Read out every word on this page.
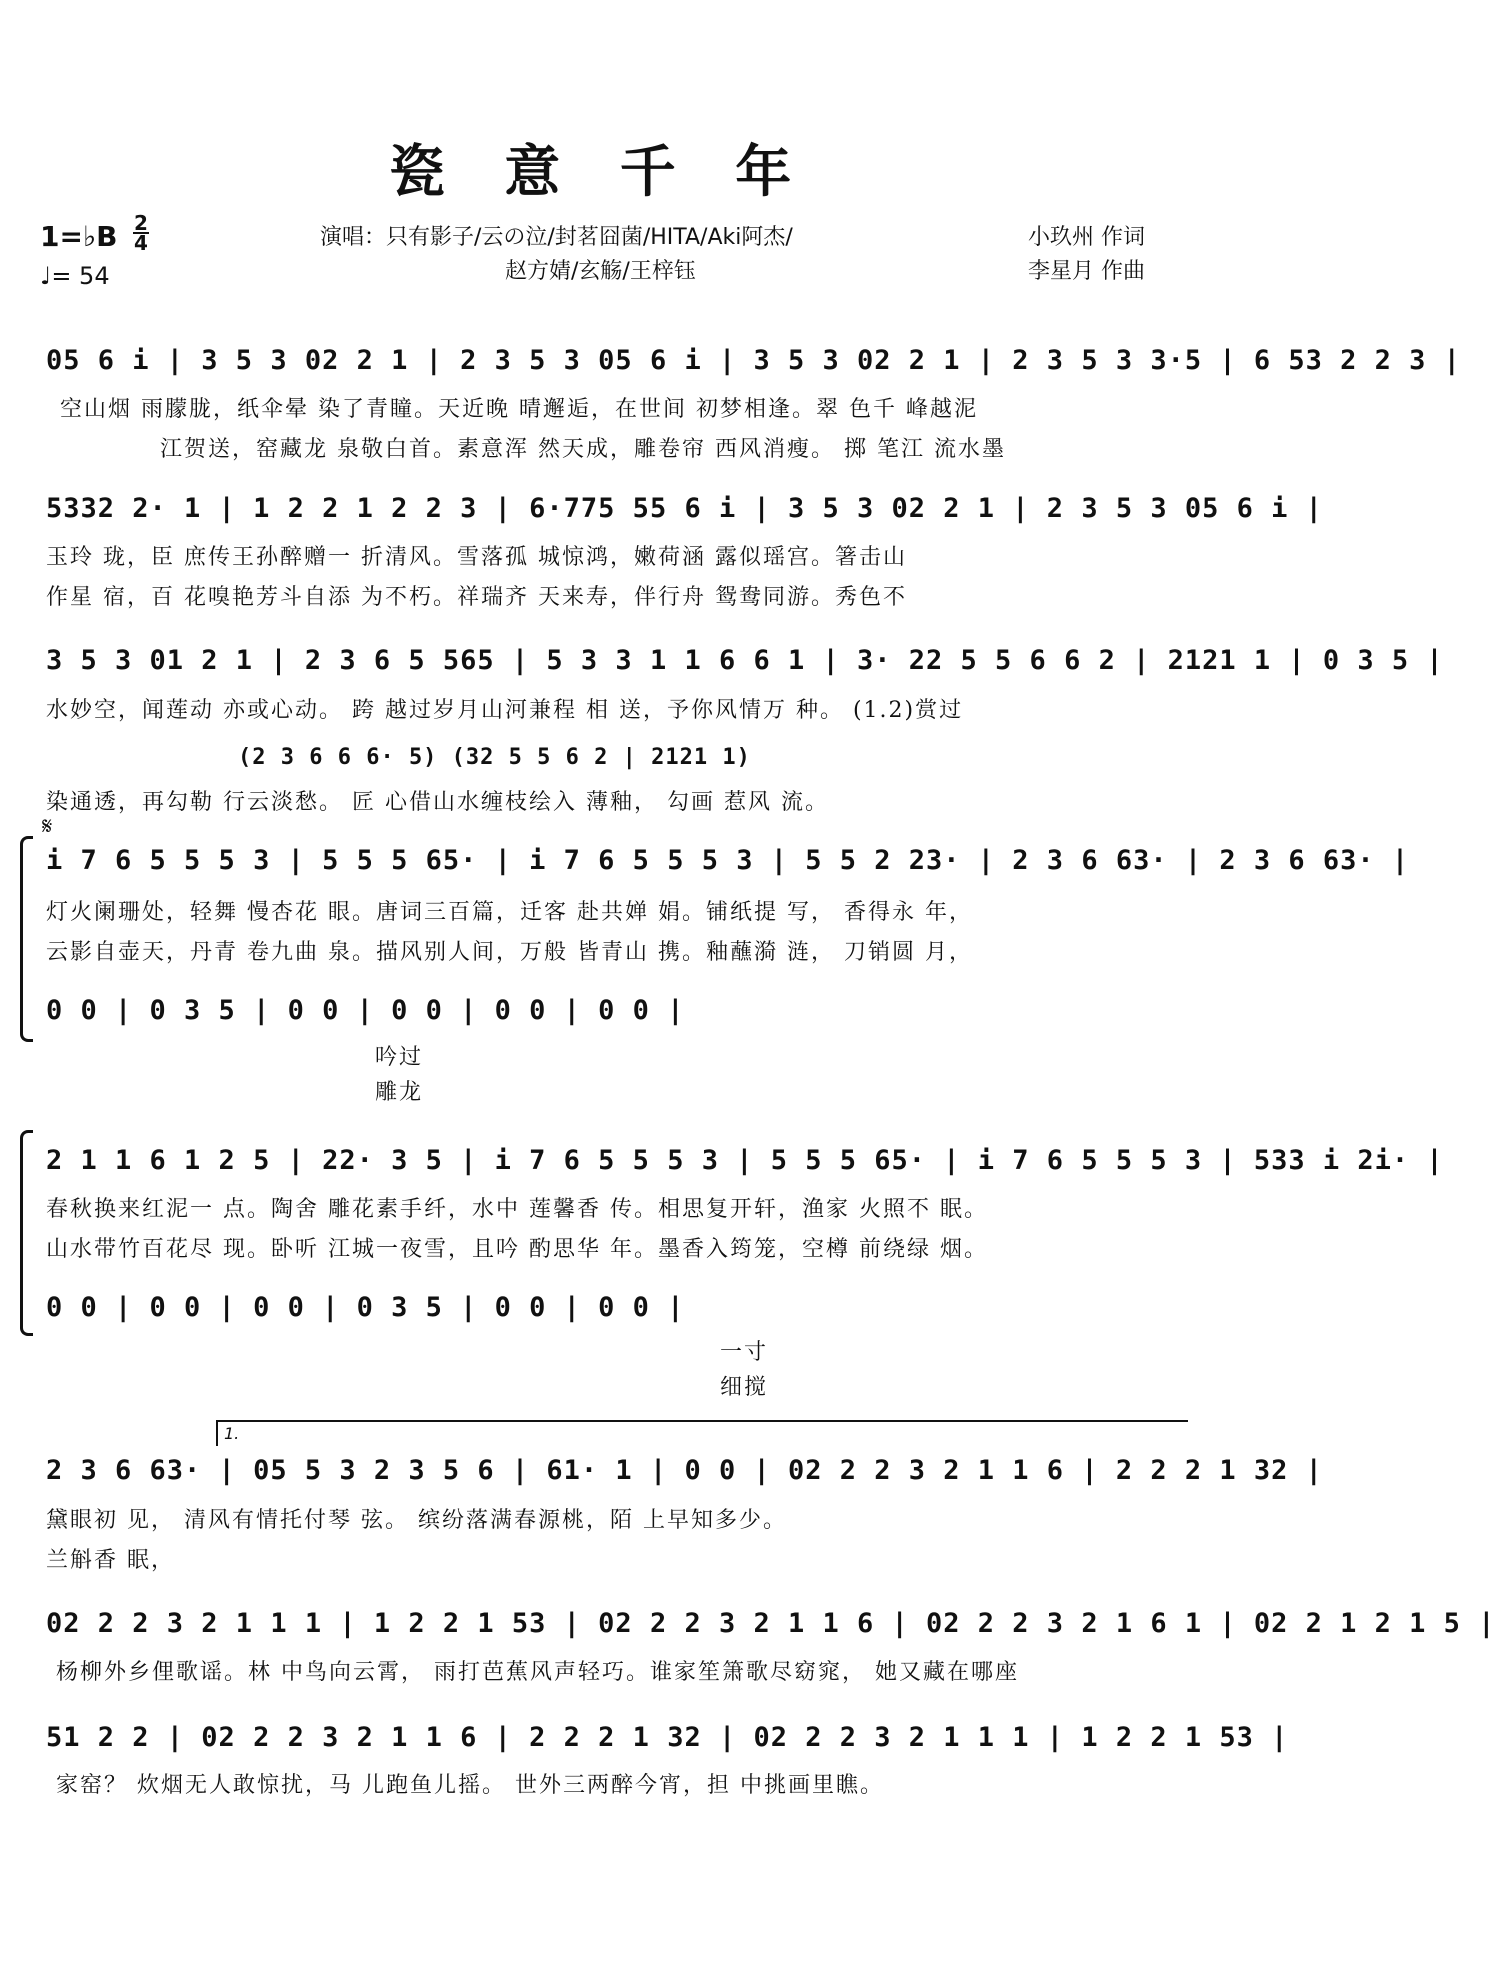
瓷 意 千 年
1=♭B 2
4
♩= 54
演唱：只有影子/云の泣/封茗囧菌/HITA/Aki阿杰/
赵方婧/玄觞/王梓钰
小玖州 作词
李星月 作曲
05 6 i | 3 5 3 02 2 1 | 2 3 5 3 05 6 i | 3 5 3 02 2 1 | 2 3 5 3 3·5 | 6 53 2 2 3 |
空山烟 雨朦胧，纸伞晕 染了青瞳。天近晚 晴邂逅，在世间 初梦相逢。翠 色千 峰越泥
江贺送，窑藏龙 泉敬白首。素意浑 然天成，雕卷帘 西风消瘦。 掷 笔江 流水墨
5332 2· 1 | 1 2 2 1 2 2 3 | 6·775 55 6 i | 3 5 3 02 2 1 | 2 3 5 3 05 6 i |
玉玲 珑，臣 庶传王孙醉赠一 折清风。雪落孤 城惊鸿，嫩荷涵 露似瑶宫。箸击山
作星 宿，百 花嗅艳芳斗自添 为不朽。祥瑞齐 天来寿，伴行舟 鸳鸯同游。秀色不
3 5 3 01 2 1 | 2 3 6 5 565 | 5 3 3 1 1 6 6 1 | 3· 22 5 5 6 6 2 | 2121 1 | 0 3 5 |
水妙空，闻莲动 亦或心动。 跨 越过岁月山河兼程 相 送，予你风情万 种。 (1.2)赏过
(2 3 6 6 6· 5) (32 5 5 6 2 | 2121 1)
染通透，再勾勒 行云淡愁。 匠 心借山水缠枝绘入 薄釉， 勾画 惹风 流。
𝄋
i 7 6 5 5 5 3 | 5 5 5 65· | i 7 6 5 5 5 3 | 5 5 2 23· | 2 3 6 63· | 2 3 6 63· |
灯火阑珊处，轻舞 慢杏花 眼。唐词三百篇，迁客 赴共婵 娟。铺纸提 写， 香得永 年，
云影自壶天，丹青 卷九曲 泉。描风别人间，万般 皆青山 携。釉蘸漪 涟， 刀销圆 月，
0 0 | 0 3 5 | 0 0 | 0 0 | 0 0 | 0 0 |
吟过
雕龙
2 1 1 6 1 2 5 | 22· 3 5 | i 7 6 5 5 5 3 | 5 5 5 65· | i 7 6 5 5 5 3 | 533 i 2i· |
春秋换来红泥一 点。陶舍 雕花素手纤，水中 莲馨香 传。相思复开轩，渔家 火照不 眠。
山水带竹百花尽 现。卧听 江城一夜雪，且吟 酌思华 年。墨香入筠笼，空樽 前绕绿 烟。
0 0 | 0 0 | 0 0 | 0 3 5 | 0 0 | 0 0 |
一寸
细搅
1.
2 3 6 63· | 05 5 3 2 3 5 6 | 61· 1 | 0 0 | 02 2 2 3 2 1 1 6 | 2 2 2 1 32 |
黛眼初 见， 清风有情托付琴 弦。 缤纷落满春源桃，陌 上早知多少。
兰斛香 眠，
02 2 2 3 2 1 1 1 | 1 2 2 1 53 | 02 2 2 3 2 1 1 6 | 02 2 2 3 2 1 6 1 | 02 2 1 2 1 5 |
杨柳外乡俚歌谣。林 中鸟向云霄， 雨打芭蕉风声轻巧。谁家笙箫歌尽窈窕， 她又藏在哪座
51 2 2 | 02 2 2 3 2 1 1 6 | 2 2 2 1 32 | 02 2 2 3 2 1 1 1 | 1 2 2 1 53 |
家窑？ 炊烟无人敢惊扰，马 儿跑鱼儿摇。 世外三两醉今宵，担 中挑画里瞧。
